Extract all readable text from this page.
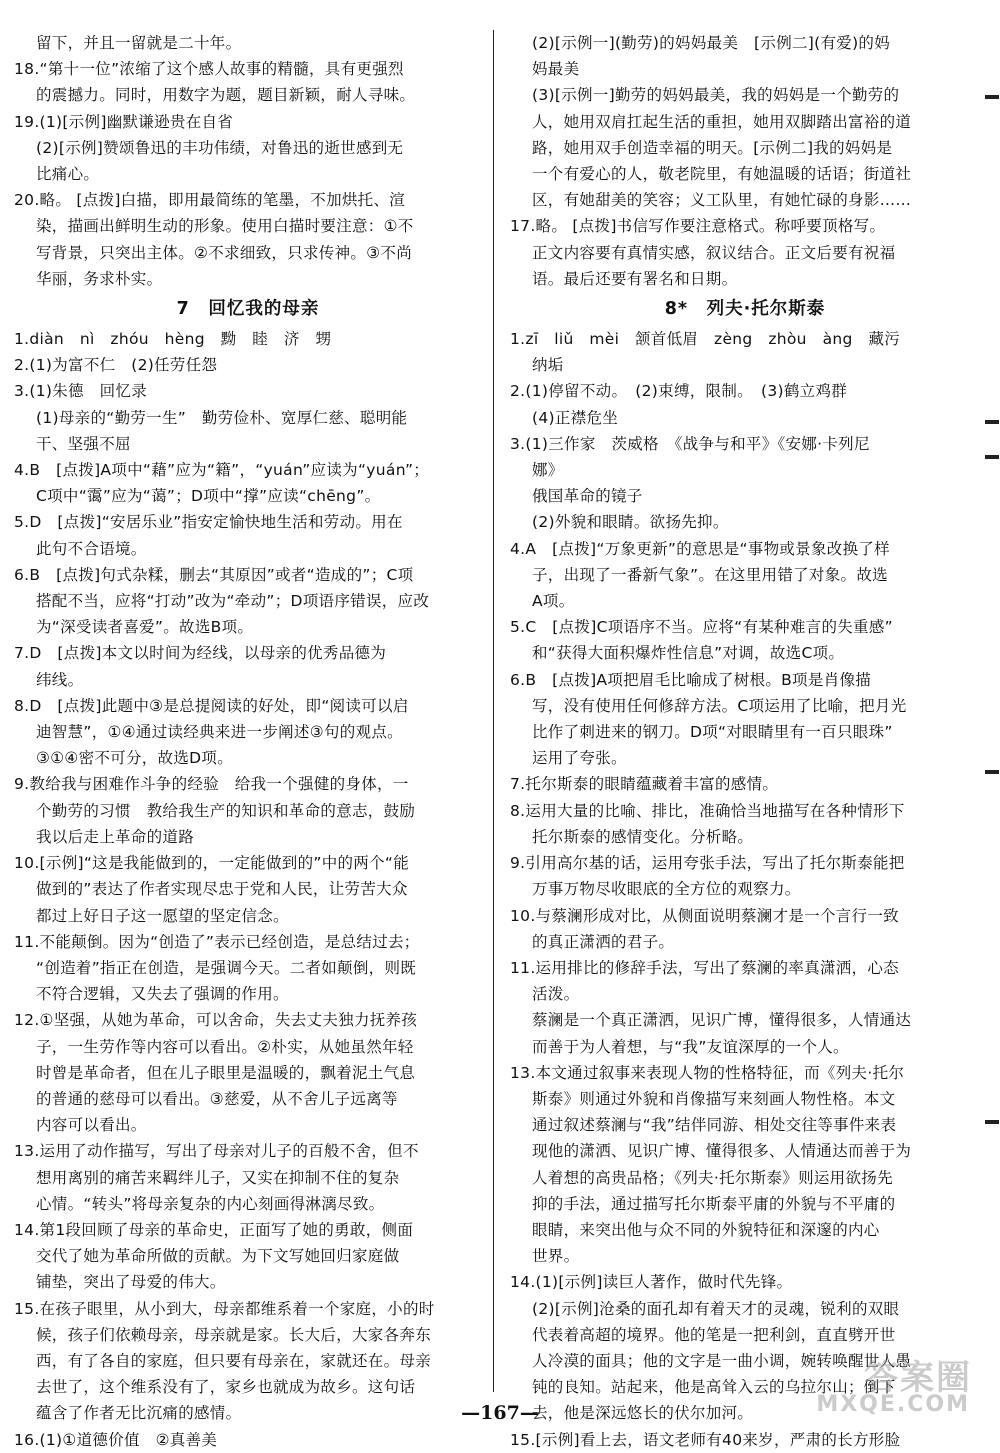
留下，并且一留就是二十年。
18.“第十一位”浓缩了这个感人故事的精髓，具有更强烈
的震撼力。同时，用数字为题，题目新颖，耐人寻味。
19.(1)[示例]幽默谦逊贵在自省
(2)[示例]赞颂鲁迅的丰功伟绩，对鲁迅的逝世感到无
比痛心。
20.略。 [点拨]白描，即用最简练的笔墨，不加烘托、渲
染，描画出鲜明生动的形象。使用白描时要注意：①不
写背景，只突出主体。②不求细致，只求传神。③不尚
华丽，务求朴实。
7　回忆我的母亲
1.diàn　nì　zhóu　hèng　黝　睦　济　甥
2.(1)为富不仁　(2)任劳任怨
3.(1)朱德　回忆录
(1)母亲的“勤劳一生”　勤劳俭朴、宽厚仁慈、聪明能
干、坚强不屈
4.B　[点拨]A项中“藉”应为“籍”，“yuán”应读为“yuán”；
C项中“霭”应为“蔼”；D项中“撑”应读“chēng”。
5.D　[点拨]“安居乐业”指安定愉快地生活和劳动。用在
此句不合语境。
6.B　[点拨]句式杂糅，删去“其原因”或者“造成的”；C项
搭配不当，应将“打动”改为“牵动”；D项语序错误，应改
为“深受读者喜爱”。故选B项。
7.D　[点拨]本文以时间为经线，以母亲的优秀品德为
纬线。
8.D　[点拨]此题中③是总提阅读的好处，即“阅读可以启
迪智慧”，①④通过读经典来进一步阐述③句的观点。
③①④密不可分，故选D项。
9.教给我与困难作斗争的经验　给我一个强健的身体，一
个勤劳的习惯　教给我生产的知识和革命的意志，鼓励
我以后走上革命的道路
10.[示例]“这是我能做到的，一定能做到的”中的两个“能
做到的”表达了作者实现尽忠于党和人民，让劳苦大众
都过上好日子这一愿望的坚定信念。
11.不能颠倒。因为“创造了”表示已经创造，是总结过去；
“创造着”指正在创造，是强调今天。二者如颠倒，则既
不符合逻辑，又失去了强调的作用。
12.①坚强，从她为革命，可以舍命，失去丈夫独力抚养孩
子，一生劳作等内容可以看出。②朴实，从她虽然年轻
时曾是革命者，但在儿子眼里是温暖的，飘着泥土气息
的普通的慈母可以看出。③慈爱，从不舍儿子远离等
内容可以看出。
13.运用了动作描写，写出了母亲对儿子的百般不舍，但不
想用离别的痛苦来羁绊儿子，又实在抑制不住的复杂
心情。“转头”将母亲复杂的内心刻画得淋漓尽致。
14.第1段回顾了母亲的革命史，正面写了她的勇敢，侧面
交代了她为革命所做的贡献。为下文写她回归家庭做
铺垫，突出了母爱的伟大。
15.在孩子眼里，从小到大，母亲都维系着一个家庭，小的时
候，孩子们依赖母亲，母亲就是家。长大后，大家各奔东
西，有了各自的家庭，但只要有母亲在，家就还在。母亲
去世了，这个维系没有了，家乡也就成为故乡。这句话
蕴含了作者无比沉痛的感情。
16.(1)①道德价值　②真善美
(2)[示例一](勤劳)的妈妈最美　[示例二](有爱)的妈
妈最美
(3)[示例一]勤劳的妈妈最美，我的妈妈是一个勤劳的
人，她用双肩扛起生活的重担，她用双脚踏出富裕的道
路，她用双手创造幸福的明天。[示例二]我的妈妈是
一个有爱心的人，敬老院里，有她温暖的话语；街道社
区，有她甜美的笑容；义工队里，有她忙碌的身影……
17.略。 [点拨]书信写作要注意格式。称呼要顶格写。
正文内容要有真情实感，叙议结合。正文后要有祝福
语。最后还要有署名和日期。
8*　列夫·托尔斯泰
1.zī　liǔ　mèi　颔首低眉　zèng　zhòu　àng　藏污
纳垢
2.(1)停留不动。　(2)束缚，限制。　(3)鹤立鸡群
(4)正襟危坐
3.(1)三作家　茨威格　《战争与和平》《安娜·卡列尼
娜》
俄国革命的镜子
(2)外貌和眼睛。欲扬先抑。
4.A　[点拨]“万象更新”的意思是“事物或景象改换了样
子，出现了一番新气象”。在这里用错了对象。故选
A项。
5.C　[点拨]C项语序不当。应将“有某种难言的失重感”
和“获得大面积爆炸性信息”对调，故选C项。
6.B　[点拨]A项把眉毛比喻成了树根。B项是肖像描
写，没有使用任何修辞方法。C项运用了比喻，把月光
比作了刺进来的钢刀。D项“对眼睛里有一百只眼珠”
运用了夸张。
7.托尔斯泰的眼睛蕴藏着丰富的感情。
8.运用大量的比喻、排比，准确恰当地描写在各种情形下
托尔斯泰的感情变化。分析略。
9.引用高尔基的话，运用夸张手法，写出了托尔斯泰能把
万事万物尽收眼底的全方位的观察力。
10.与蔡澜形成对比，从侧面说明蔡澜才是一个言行一致
的真正潇洒的君子。
11.运用排比的修辞手法，写出了蔡澜的率真潇洒，心态
活泼。
蔡澜是一个真正潇洒，见识广博，懂得很多，人情通达
而善于为人着想，与“我”友谊深厚的一个人。
13.本文通过叙事来表现人物的性格特征，而《列夫·托尔
斯泰》则通过外貌和肖像描写来刻画人物性格。本文
通过叙述蔡澜与“我”结伴同游、相处交往等事件来表
现他的潇洒、见识广博、懂得很多、人情通达而善于为
人着想的高贵品格；《列夫·托尔斯泰》则运用欲扬先
抑的手法，通过描写托尔斯泰平庸的外貌与不平庸的
眼睛，来突出他与众不同的外貌特征和深邃的内心
世界。
14.(1)[示例]读巨人著作，做时代先锋。
(2)[示例]沧桑的面孔却有着天才的灵魂，锐利的双眼
代表着高超的境界。他的笔是一把利剑，直直劈开世
人冷漠的面具；他的文字是一曲小调，婉转唤醒世人愚
钝的良知。站起来，他是高耸入云的乌拉尔山；倒下
去，他是深远悠长的伏尔加河。
15.[示例]看上去，语文老师有40来岁，严肃的长方形脸
答案圈
MXQE.COM
—167—
